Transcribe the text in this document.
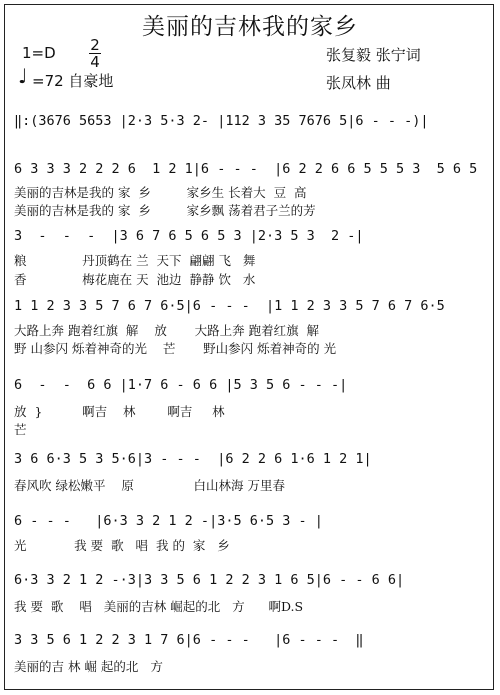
美丽的吉林我的家乡
1=D 2
4
♩ =72 自豪地
张复毅 张宁词
张凤林 曲
‖:(3676 5653 |2·3 5·3 2- |112 3 35 7676 5|6 - - -)|
6 3 3 3 2 2 2 6  1 2 1|6 - - -  |6 2 2 6 6 5 5 5 3  5 6 5
美丽的吉林是我的 家  乡         家乡生 长着大  豆  高
美丽的吉林是我的 家  乡         家乡飘 荡着君子兰的芳
3  -  -  -  |3 6 7 6 5 6 5 3 |2·3 5 3  2 -|
粮              丹顶鹤在 兰  天下  翩翩 飞   舞
香              梅花鹿在 天  池边  静静 饮   水
1 1 2 3 3 5 7 6 7 6·5|6 - - -  |1 1 2 3 3 5 7 6 7 6·5
大路上奔 跑着红旗  解    放       大路上奔 跑着红旗  解
野 山参闪 烁着神奇的光    芒       野山参闪 烁着神奇的 光
6  -  -  6 6 |1·7 6 - 6 6 |5 3 5 6 - - -|
放  }          啊吉    林        啊吉     林
芒
3 6 6·3 5 3 5·6|3 - - -  |6 2 2 6 1·6 1 2 1|
春风吹 绿松嫩平    原               白山林海 万里春
6 - - -   |6·3 3 2 1 2 -|3·5 6·5 3 - |
光            我 要  歌   唱  我 的  家   乡
6·3 3 2 1 2 -·3|3 3 5 6 1 2 2 3 1 6 5|6 - - 6 6|
我 要  歌    唱   美丽的吉林 崛起的北   方      啊D.S
3 3 5 6 1 2 2 3 1 7 6|6 - - -   |6 - - -  ‖
美丽的吉 林 崛 起的北   方
